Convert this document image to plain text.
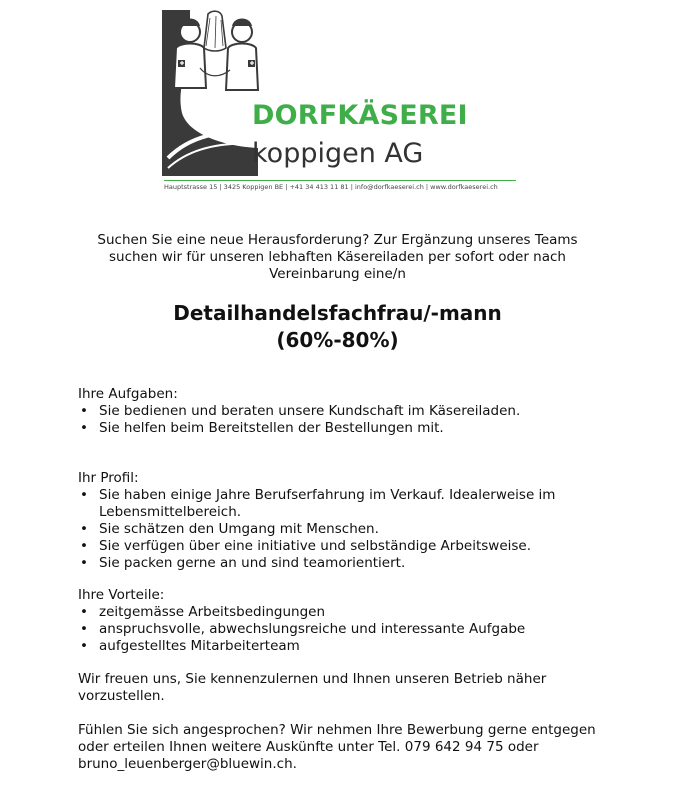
DORFKÄSEREI

koppigen AG

Hauptstrasse 15 | 3425 Koppigen BE | +41 34 413 11 81 | info@dorfkaeserei.ch | www.dorfkaeserei.ch

Suchen Sie eine neue Herausforderung? Zur Ergänzung unseres Teams suchen wir für unseren lebhaften Käsereiladen per sofort oder nach Vereinbarung eine/n

Detailhandelsfachfrau/-mann
(60%-80%)
Ihre Aufgaben:
• Sie bedienen und beraten unsere Kundschaft im Käsereiladen.
• Sie helfen beim Bereitstellen der Bestellungen mit.
Ihr Profil:
• Sie haben einige Jahre Berufserfahrung im Verkauf. Idealerweise im Lebensmittelbereich.
• Sie schätzen den Umgang mit Menschen.
• Sie verfügen über eine initiative und selbständige Arbeitsweise.
• Sie packen gerne an und sind teamorientiert.
Ihre Vorteile:
• zeitgemässe Arbeitsbedingungen
• anspruchsvolle, abwechslungsreiche und interessante Aufgabe
• aufgestelltes Mitarbeiterteam

Wir freuen uns, Sie kennenzulernen und Ihnen unseren Betrieb näher vorzustellen.

Fühlen Sie sich angesprochen? Wir nehmen Ihre Bewerbung gerne entgegen oder erteilen Ihnen weitere Auskünfte unter Tel. 079 642 94 75 oder bruno_leuenberger@bluewin.ch.
